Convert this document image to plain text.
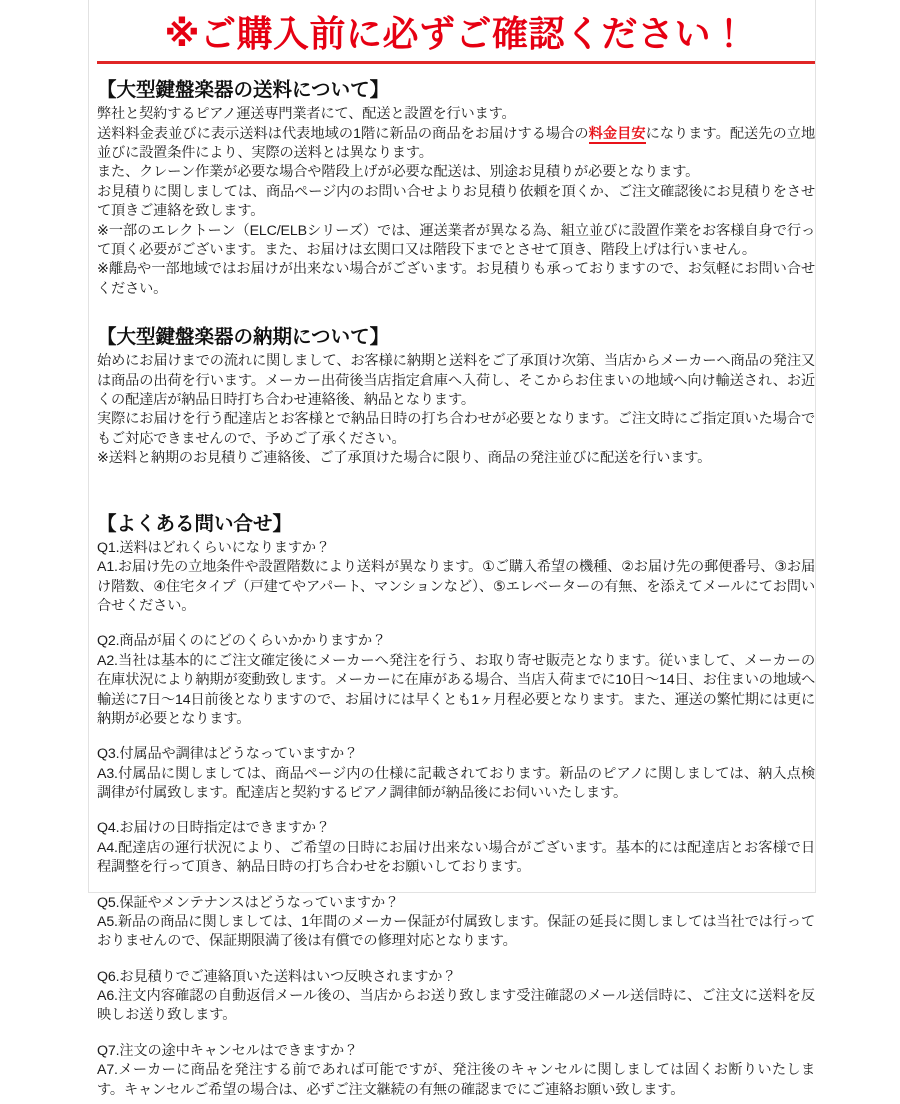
※ご購入前に必ずご確認ください！
【大型鍵盤楽器の送料について】

弊社と契約するピアノ運送専門業者にて、配送と設置を行います。

送料料金表並びに表示送料は代表地域の1階に新品の商品をお届けする場合の料金目安になります。配送先の立地並びに設置条件により、実際の送料とは異なります。

また、クレーン作業が必要な場合や階段上げが必要な配送は、別途お見積りが必要となります。

お見積りに関しましては、商品ページ内のお問い合せよりお見積り依頼を頂くか、ご注文確認後にお見積りをさせて頂きご連絡を致します。

※一部のエレクトーン（ELC/ELBシリーズ）では、運送業者が異なる為、組立並びに設置作業をお客様自身で行って頂く必要がございます。また、お届けは玄関口又は階段下までとさせて頂き、階段上げは行いません。

※離島や一部地域ではお届けが出来ない場合がございます。お見積りも承っておりますので、お気軽にお問い合せください。

【大型鍵盤楽器の納期について】

始めにお届けまでの流れに関しまして、お客様に納期と送料をご了承頂け次第、当店からメーカーへ商品の発注又は商品の出荷を行います。メーカー出荷後当店指定倉庫へ入荷し、そこからお住まいの地域へ向け輸送され、お近くの配達店が納品日時打ち合わせ連絡後、納品となります。

実際にお届けを行う配達店とお客様とで納品日時の打ち合わせが必要となります。ご注文時にご指定頂いた場合でもご対応できませんので、予めご了承ください。

※送料と納期のお見積りご連絡後、ご了承頂けた場合に限り、商品の発注並びに配送を行います。

【よくある問い合せ】

Q1.送料はどれくらいになりますか？

A1.お届け先の立地条件や設置階数により送料が異なります。①ご購入希望の機種、②お届け先の郵便番号、③お届け階数、④住宅タイプ（戸建てやアパート、マンションなど）、⑤エレベーターの有無、を添えてメールにてお問い合せください。

Q2.商品が届くのにどのくらいかかりますか？

A2.当社は基本的にご注文確定後にメーカーへ発注を行う、お取り寄せ販売となります。従いまして、メーカーの在庫状況により納期が変動致します。メーカーに在庫がある場合、当店入荷までに10日～14日、お住まいの地域へ輸送に7日～14日前後となりますので、お届けには早くとも1ヶ月程必要となります。また、運送の繁忙期には更に納期が必要となります。

Q3.付属品や調律はどうなっていますか？

A3.付属品に関しましては、商品ページ内の仕様に記載されております。新品のピアノに関しましては、納入点検調律が付属致します。配達店と契約するピアノ調律師が納品後にお伺いいたします。

Q4.お届けの日時指定はできますか？

A4.配達店の運行状況により、ご希望の日時にお届け出来ない場合がございます。基本的には配達店とお客様で日程調整を行って頂き、納品日時の打ち合わせをお願いしております。

Q5.保証やメンテナンスはどうなっていますか？

A5.新品の商品に関しましては、1年間のメーカー保証が付属致します。保証の延長に関しましては当社では行っておりませんので、保証期限満了後は有償での修理対応となります。

Q6.お見積りでご連絡頂いた送料はいつ反映されますか？

A6.注文内容確認の自動返信メール後の、当店からお送り致します受注確認のメール送信時に、ご注文に送料を反映しお送り致します。

Q7.注文の途中キャンセルはできますか？

A7.メーカーに商品を発注する前であれば可能ですが、発注後のキャンセルに関しましては固くお断りいたします。キャンセルご希望の場合は、必ずご注文継続の有無の確認までにご連絡お願い致します。
